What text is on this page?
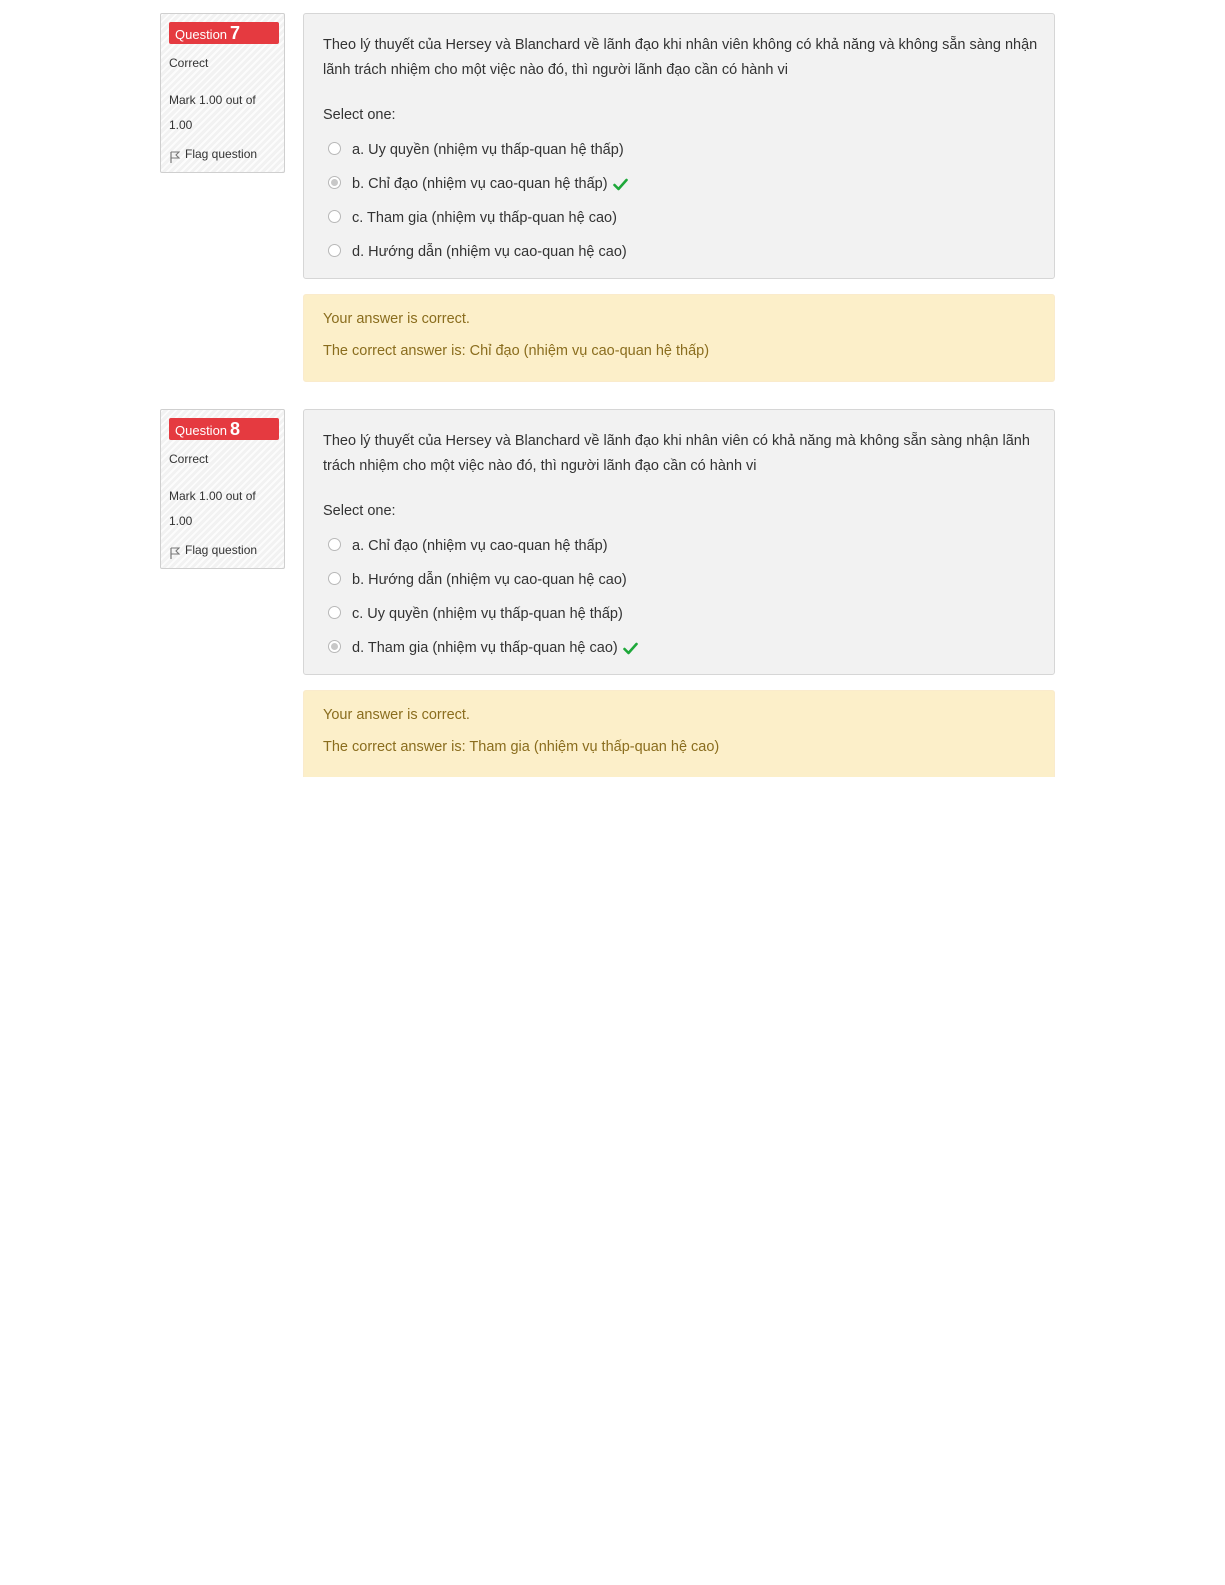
Question 7
Correct
Mark 1.00 out of 1.00
Flag question
Theo lý thuyết của Hersey và Blanchard về lãnh đạo khi nhân viên không có khả năng và không sẵn sàng nhận lãnh trách nhiệm cho một việc nào đó, thì người lãnh đạo cần có hành vi
Select one:
a. Uy quyền (nhiệm vụ thấp-quan hệ thấp)
b. Chỉ đạo (nhiệm vụ cao-quan hệ thấp)
c. Tham gia (nhiệm vụ thấp-quan hệ cao)
d. Hướng dẫn (nhiệm vụ cao-quan hệ cao)
Your answer is correct.
The correct answer is: Chỉ đạo (nhiệm vụ cao-quan hệ thấp)
Question 8
Correct
Mark 1.00 out of 1.00
Flag question
Theo lý thuyết của Hersey và Blanchard về lãnh đạo khi nhân viên có khả năng mà không sẵn sàng nhận lãnh trách nhiệm cho một việc nào đó, thì người lãnh đạo cần có hành vi
Select one:
a. Chỉ đạo (nhiệm vụ cao-quan hệ thấp)
b. Hướng dẫn (nhiệm vụ cao-quan hệ cao)
c. Uy quyền (nhiệm vụ thấp-quan hệ thấp)
d. Tham gia (nhiệm vụ thấp-quan hệ cao)
Your answer is correct.
The correct answer is: Tham gia (nhiệm vụ thấp-quan hệ cao)
